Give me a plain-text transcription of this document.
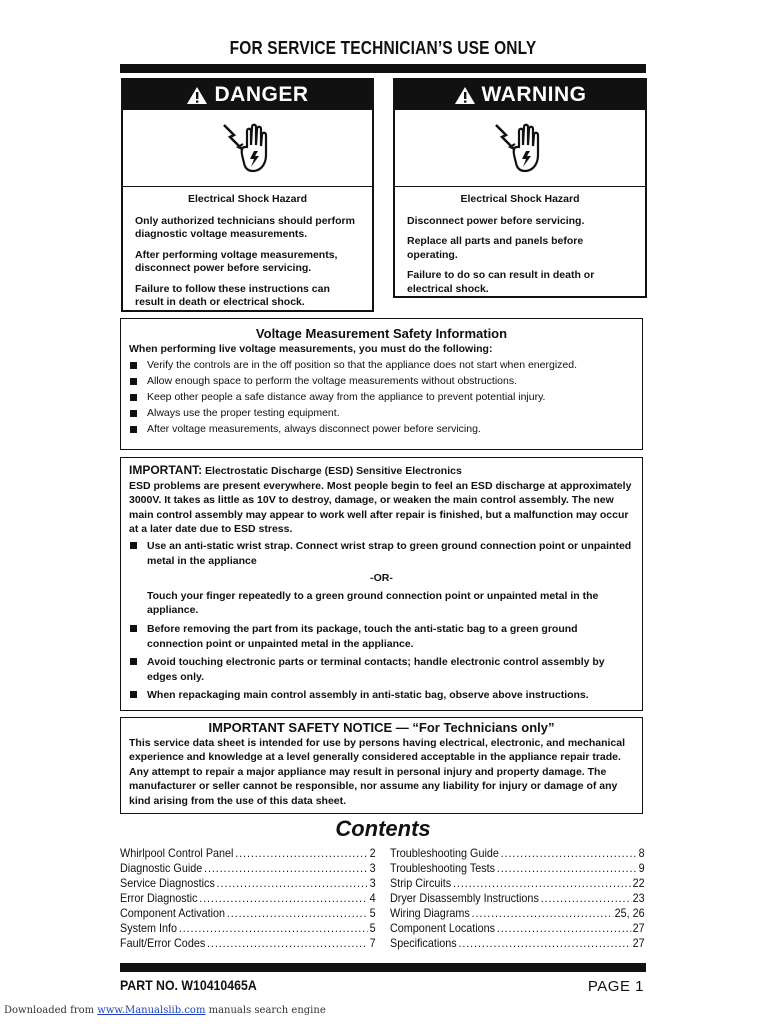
FOR SERVICE TECHNICIAN’S USE ONLY
DANGER
Electrical Shock Hazard

Only authorized technicians should perform diagnostic voltage measurements.

After performing voltage measurements, disconnect power before servicing.

Failure to follow these instructions can result in death or electrical shock.

WARNING
Electrical Shock Hazard

Disconnect power before servicing.

Replace all parts and panels before operating.

Failure to do so can result in death or electrical shock.

Voltage Measurement Safety Information
When performing live voltage measurements, you must do the following:
Verify the controls are in the off position so that the appliance does not start when energized.
Allow enough space to perform the voltage measurements without obstructions.
Keep other people a safe distance away from the appliance to prevent potential injury.
Always use the proper testing equipment.
After voltage measurements, always disconnect power before servicing.

IMPORTANT: Electrostatic Discharge (ESD) Sensitive Electronics

ESD problems are present everywhere. Most people begin to feel an ESD discharge at approximately 3000V. It takes as little as 10V to destroy, damage, or weaken the main control assembly. The new main control assembly may appear to work well after repair is finished, but a malfunction may occur at a later date due to ESD stress.

Use an anti-static wrist strap. Connect wrist strap to green ground connection point or unpainted metal in the appliance
-OR-
Touch your finger repeatedly to a green ground connection point or unpainted metal in the appliance.
Before removing the part from its package, touch the anti-static bag to a green ground connection point or unpainted metal in the appliance.
Avoid touching electronic parts or terminal contacts; handle electronic control assembly by edges only.
When repackaging main control assembly in anti-static bag, observe above instructions.
IMPORTANT SAFETY NOTICE — “For Technicians only”
This service data sheet is intended for use by persons having electrical, electronic, and mechanical experience and knowledge at a level generally considered acceptable in the appliance repair trade. Any attempt to repair a major appliance may result in personal injury and property damage. The manufacturer or seller cannot be responsible, nor assume any liability for injury or damage of any kind arising from the use of this data sheet.
Contents
Whirlpool Control Panel .....	2
Diagnostic Guide .....	3
Service Diagnostics .....	3
Error Diagnostic .....	4
Component Activation .....	5
System Info .....	5
Fault/Error Codes .....	7
Troubleshooting Guide .....	8
Troubleshooting Tests .....	9
Strip Circuits .....	22
Dryer Disassembly Instructions .....	23
Wiring Diagrams .....	25, 26
Component Locations .....	27
Specifications .....	27
PART NO. W10410465A	PAGE 1
Downloaded from www.Manualslib.com manuals search engine
